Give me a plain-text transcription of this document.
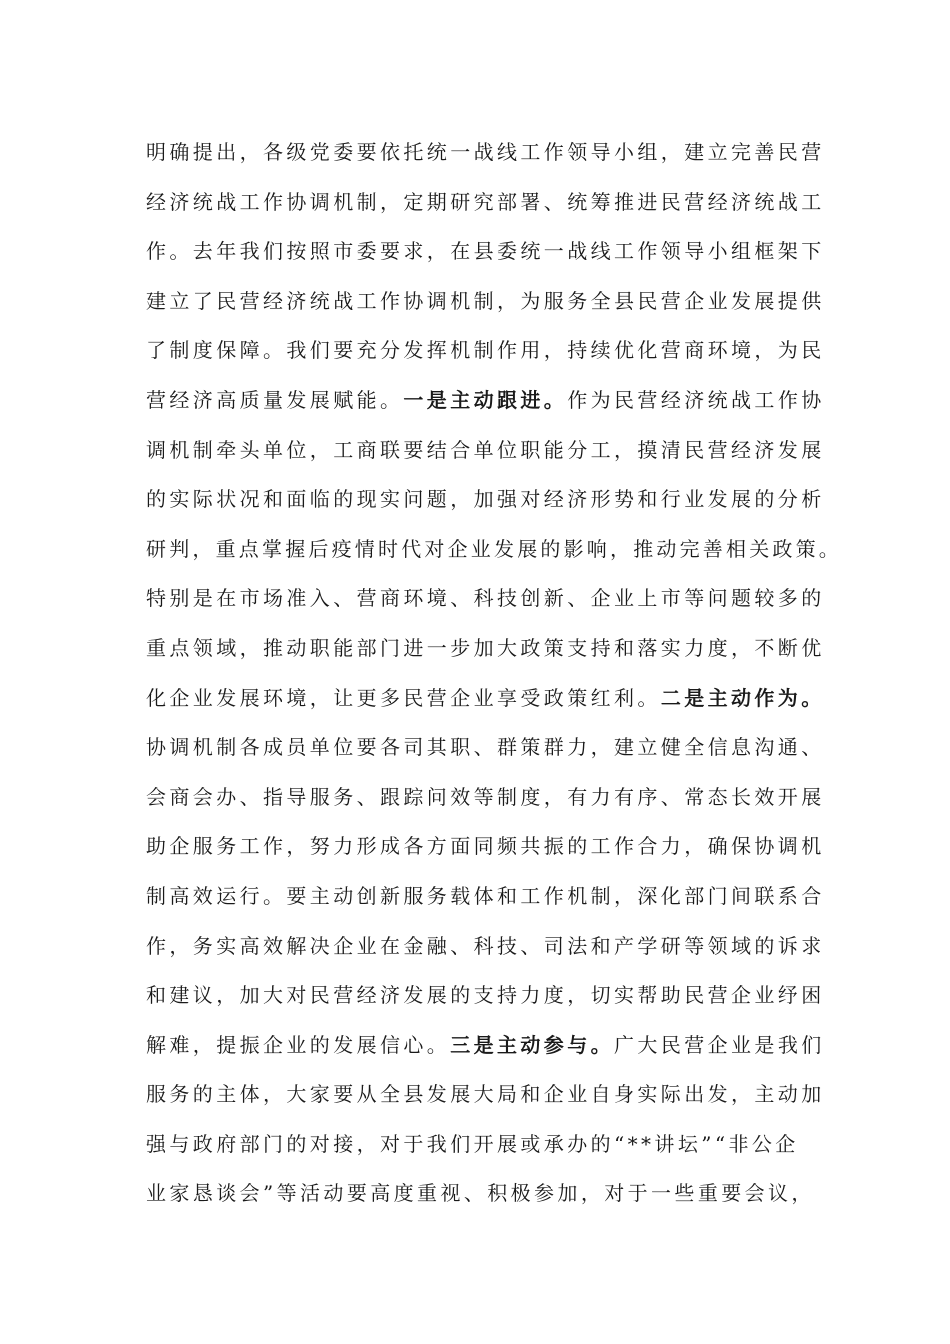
明确提出，各级党委要依托统一战线工作领导小组，建立完善民营
经济统战工作协调机制，定期研究部署、统筹推进民营经济统战工
作。去年我们按照市委要求，在县委统一战线工作领导小组框架下
建立了民营经济统战工作协调机制，为服务全县民营企业发展提供
了制度保障。我们要充分发挥机制作用，持续优化营商环境，为民
营经济高质量发展赋能。一是主动跟进。作为民营经济统战工作协
调机制牵头单位，工商联要结合单位职能分工，摸清民营经济发展
的实际状况和面临的现实问题，加强对经济形势和行业发展的分析
研判，重点掌握后疫情时代对企业发展的影响，推动完善相关政策。
特别是在市场准入、营商环境、科技创新、企业上市等问题较多的
重点领域，推动职能部门进一步加大政策支持和落实力度，不断优
化企业发展环境，让更多民营企业享受政策红利。二是主动作为。
协调机制各成员单位要各司其职、群策群力，建立健全信息沟通、
会商会办、指导服务、跟踪问效等制度，有力有序、常态长效开展
助企服务工作，努力形成各方面同频共振的工作合力，确保协调机
制高效运行。要主动创新服务载体和工作机制，深化部门间联系合
作，务实高效解决企业在金融、科技、司法和产学研等领域的诉求
和建议，加大对民营经济发展的支持力度，切实帮助民营企业纾困
解难，提振企业的发展信心。三是主动参与。广大民营企业是我们
服务的主体，大家要从全县发展大局和企业自身实际出发，主动加
强与政府部门的对接，对于我们开展或承办的“**讲坛”“非公企
业家恳谈会”等活动要高度重视、积极参加，对于一些重要会议，
